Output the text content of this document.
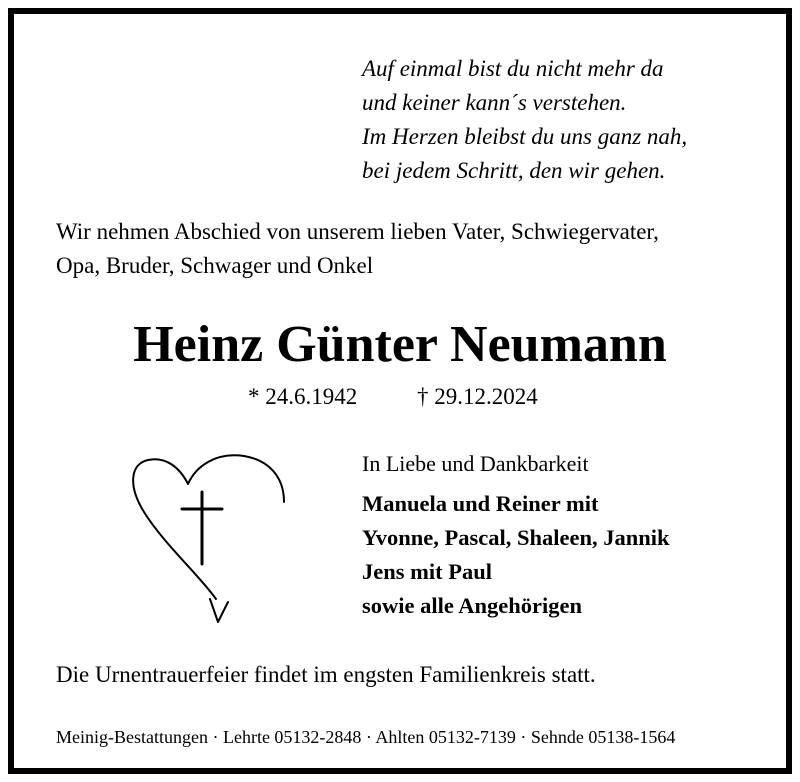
Auf einmal bist du nicht mehr da
und keiner kann´s verstehen.
Im Herzen bleibst du uns ganz nah,
bei jedem Schritt, den wir gehen.
Wir nehmen Abschied von unserem lieben Vater, Schwiegervater,
Opa, Bruder, Schwager und Onkel
Heinz Günter Neumann
* 24.6.1942	† 29.12.2024
In Liebe und Dankbarkeit
Manuela und Reiner mit
Yvonne, Pascal, Shaleen, Jannik
Jens mit Paul
sowie alle Angehörigen
Die Urnentrauerfeier findet im engsten Familienkreis statt.
Meinig-Bestattungen · Lehrte 05132-2848 · Ahlten 05132-7139 · Sehnde 05138-1564
